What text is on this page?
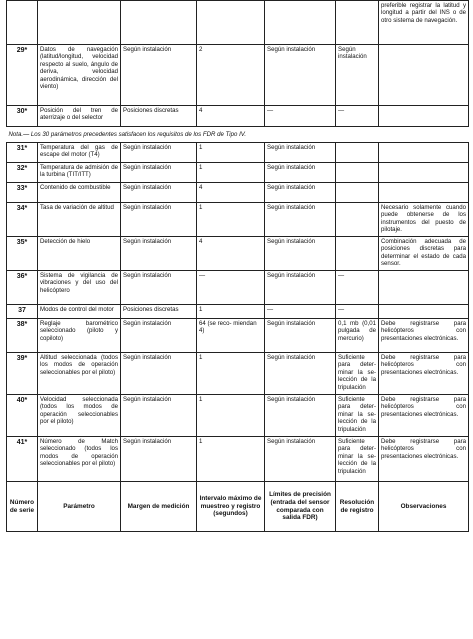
						preferible registrar la latitud y longitud a partir del INS o de otro sistema de navegación.
29*	Datos de navegación (latitud/longitud, velocidad respecto al suelo, ángulo de deriva, velocidad aerodinámica, dirección del viento)	Según instalación	2	Según instalación	Según instalación	
30*	Posición del tren de aterrizaje o del selector	Posiciones discretas	4	—	—	
Nota.— Los 30 parámetros precedentes satisfacen los requisitos de los FDR de Tipo IV.						
31*	Temperatura del gas de escape del motor (T4)	Según instalación	1	Según instalación		
32*	Temperatura de admisión de la turbina (TIT/ITT)	Según instalación	1	Según instalación		
33*	Contenido de combustible	Según instalación	4	Según instalación		
34*	Tasa de variación de altitud	Según instalación	1	Según instalación		Necesario solamente cuando puede obtenerse de los instrumentos del puesto de pilotaje.
35*	Detección de hielo	Según instalación	4	Según instalación		Combinación adecuada de posiciones discretas para determinar el estado de cada sensor.
36*	Sistema de vigilancia de vibraciones y del uso del helicóptero	Según instalación	—	Según instalación	—	
37	Modos de control del motor	Posiciones discretas	1	—	—	
38*	Reglaje barométrico seleccionado (piloto y copiloto)	Según instalación	64 (se reco- miendan 4)	Según instalación	0,1 mb (0,01 pulgada de mercurio)	Debe registrarse para helicópteros con presentaciones electrónicas.
39*	Altitud seleccionada (todos los modos de operación seleccionables por el piloto)	Según instalación	1	Según instalación	Suficiente para deter- minar la se- lección de la tripulación	Debe registrarse para helicópteros con presentaciones electrónicas.
40*	Velocidad seleccionada (todos los modos de operación seleccionables por el piloto)	Según instalación	1	Según instalación	Suficiente para deter- minar la se- lección de la tripulación	Debe registrarse para helicópteros con presentaciones electrónicas.
41*	Número de Match seleccionado (todos los modos de operación seleccionables por el piloto)	Según instalación	1	Según instalación	Suficiente para deter- minar la se- lección de la tripulación	Debe registrarse para helicópteros con presentaciones electrónicas.
Número de serie	Parámetro	Margen de medición	Intervalo máximo de muestreo y registro (segundos)	Límites de precisión (entrada del sensor comparada con salida FDR)	Resolución de registro	Observaciones
